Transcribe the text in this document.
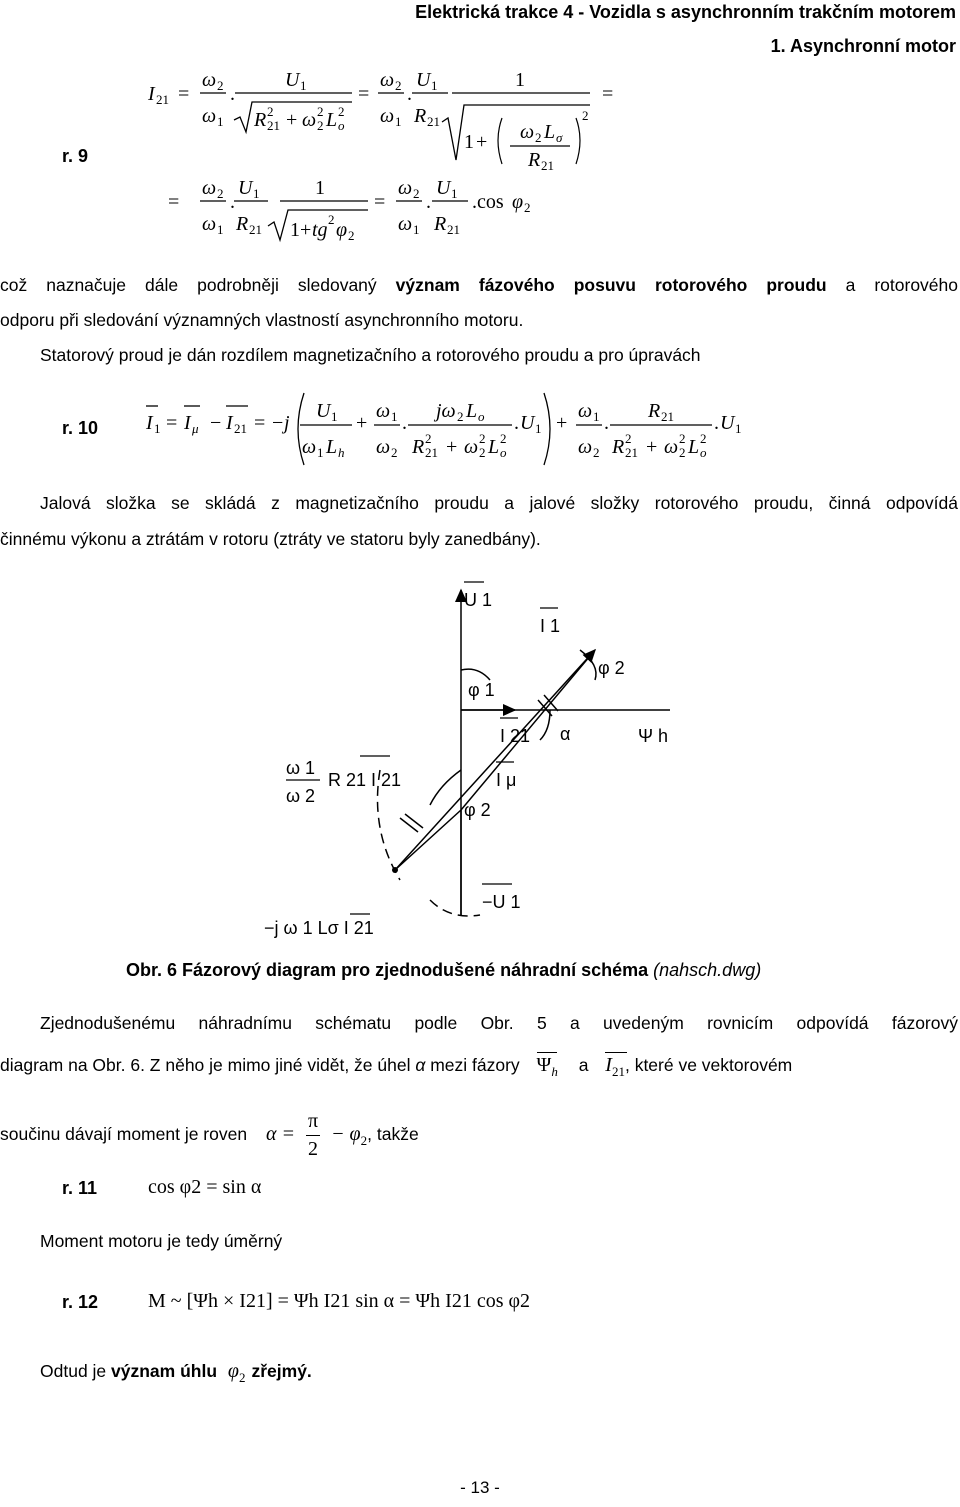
Elektrická trakce 4 - Vozidla s asynchronním trakčním motorem
1. Asynchronní motor
r. 9
I 21 =
ω 2
ω 1
.
U 1
R 21
2 + ω 2
2 L o
2
=
ω 2
ω 1
.
U 1
R 21
1
1 + ω 2 L σ
R 21
2
=
=
ω 2
ω 1
.
U 1
R 21
1
1+ tg 2 φ 2
=
ω 2
ω 1
.
U 1
R 21
.cos φ 2
což naznačuje dále podrobněji sledovaný význam fázového posuvu rotorového proudu a rotorového
odporu při sledování významných vlastností asynchronního motoru.
Statorový proud je dán rozdílem magnetizačního a rotorového proudu a pro úpravách
r. 10 I 1 = I μ − I 21 = − j
U 1
ω 1 L h
+
ω 1
ω 2
.
jω 2 L o
R 21
2 + ω 2
2 L o
2
. U 1 +
ω 1
ω 2
.
R 21
R 21
2 + ω 2
2 L o
2
. U 1
Jalová složka se skládá z magnetizačního proudu a jalové složky rotorového proudu, činná odpovídá
činnému výkonu a ztrátám v rotoru (ztráty ve statoru byly zanedbány).
U 1
I 1
φ 2
φ 1
I 21 α	Ψ h
ω 1
ω 2
R 21 I 21	I μ
φ 2
−U 1
−j ω 1 Lσ I 21
Obr. 6 Fázorový diagram pro zjednodušené náhradní schéma (nahsch.dwg)
Zjednodušenému náhradnímu schématu podle Obr. 5 a uvedeným rovnicím odpovídá fázorový
diagram na Obr. 6. Z něho je mimo jiné vidět, že úhel α mezi fázory $\Psi_h$ a $I_{21}$, které ve vektorovém
součinu dávají moment je roven $\alpha = \frac{\pi}{2} - \varphi_2$, takže
r. 11	cos φ2 = sin α
Moment motoru je tedy úměrný
r. 12 M ~ [Ψh × I21] = Ψh I21 sin α = Ψh I21 cos φ2
Odtud je význam úhlu $\varphi_2$ zřejmý.
- 13 -
